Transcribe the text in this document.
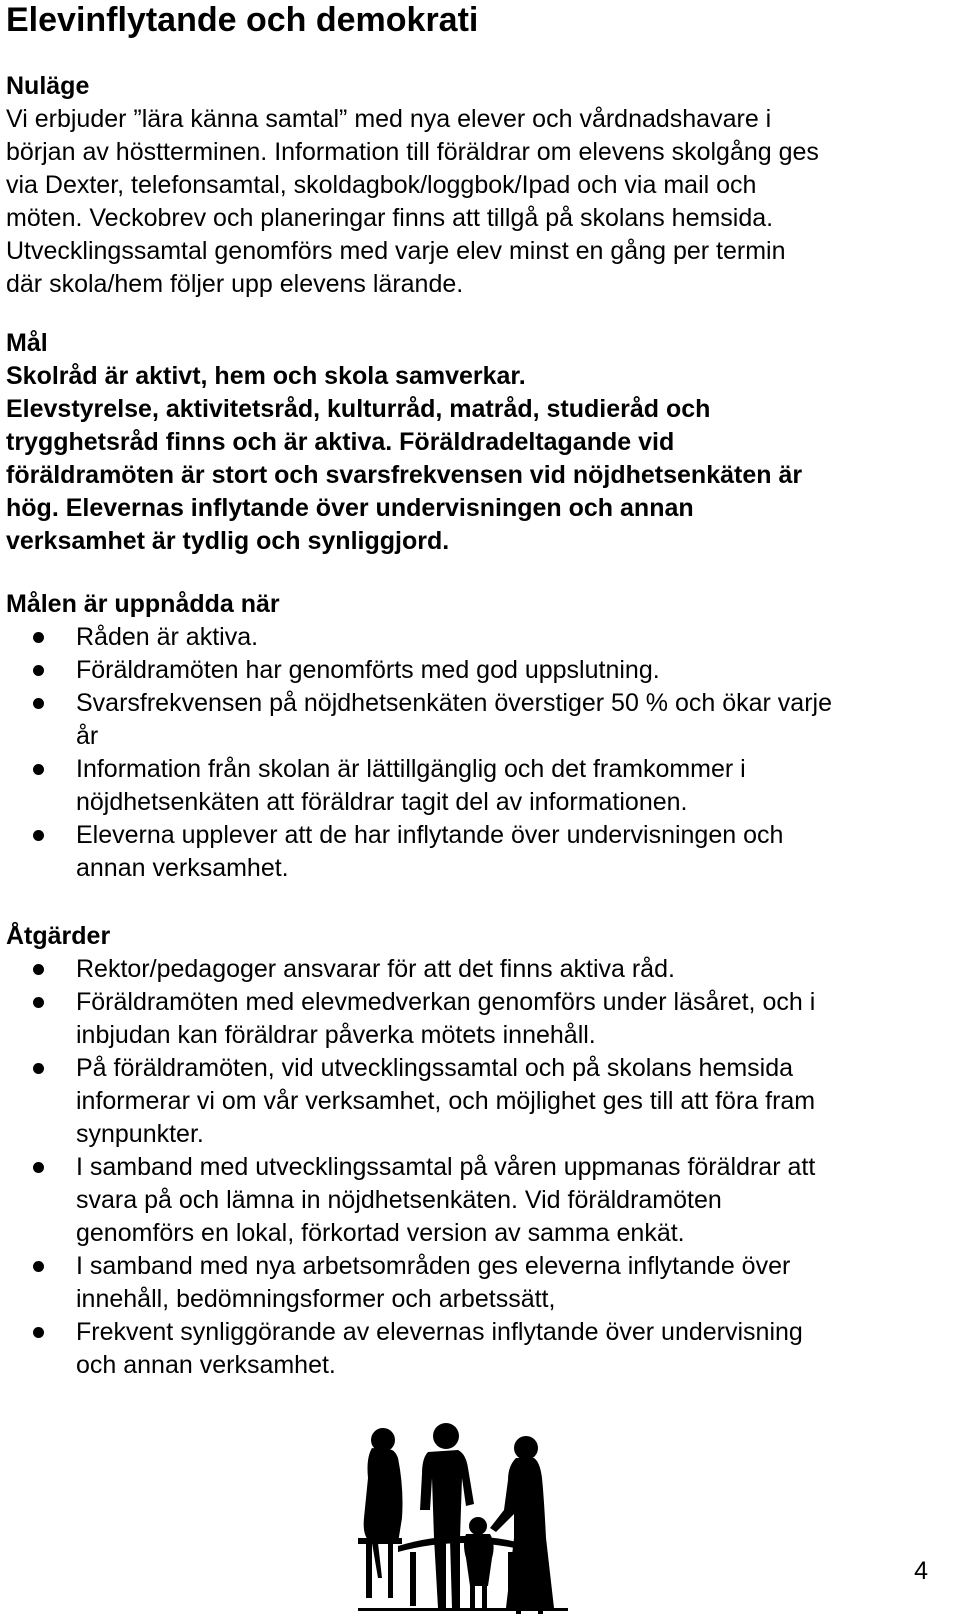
Elevinflytande och demokrati
Nuläge

Vi erbjuder ”lära känna samtal” med nya elever och vårdnadshavare i

början av höstterminen. Information till föräldrar om elevens skolgång ges

via Dexter, telefonsamtal, skoldagbok/loggbok/Ipad och via mail och

möten. Veckobrev och planeringar finns att tillgå på skolans hemsida.

Utvecklingssamtal genomförs med varje elev minst en gång per termin

där skola/hem följer upp elevens lärande.

Mål

Skolråd är aktivt, hem och skola samverkar.

Elevstyrelse, aktivitetsråd, kulturråd, matråd, studieråd och

trygghetsråd finns och är aktiva. Föräldradeltagande vid

föräldramöten är stort och svarsfrekvensen vid nöjdhetsenkäten är

hög. Elevernas inflytande över undervisningen och annan

verksamhet är tydlig och synliggjord.

Målen är uppnådda när
Råden är aktiva.
Föräldramöten har genomförts med god uppslutning.
Svarsfrekvensen på nöjdhetsenkäten överstiger 50 % och ökar varje
år
Information från skolan är lättillgänglig och det framkommer i
nöjdhetsenkäten att föräldrar tagit del av informationen.
Eleverna upplever att de har inflytande över undervisningen och
annan verksamhet.
Åtgärder
Rektor/pedagoger ansvarar för att det finns aktiva råd.
Föräldramöten med elevmedverkan genomförs under läsåret, och i
inbjudan kan föräldrar påverka mötets innehåll.
På föräldramöten, vid utvecklingssamtal och på skolans hemsida
informerar vi om vår verksamhet, och möjlighet ges till att föra fram
synpunkter.
I samband med utvecklingssamtal på våren uppmanas föräldrar att
svara på och lämna in nöjdhetsenkäten. Vid föräldramöten
genomförs en lokal, förkortad version av samma enkät.
I samband med nya arbetsområden ges eleverna inflytande över
innehåll, bedömningsformer och arbetssätt,
Frekvent synliggörande av elevernas inflytande över undervisning
och annan verksamhet.
4
